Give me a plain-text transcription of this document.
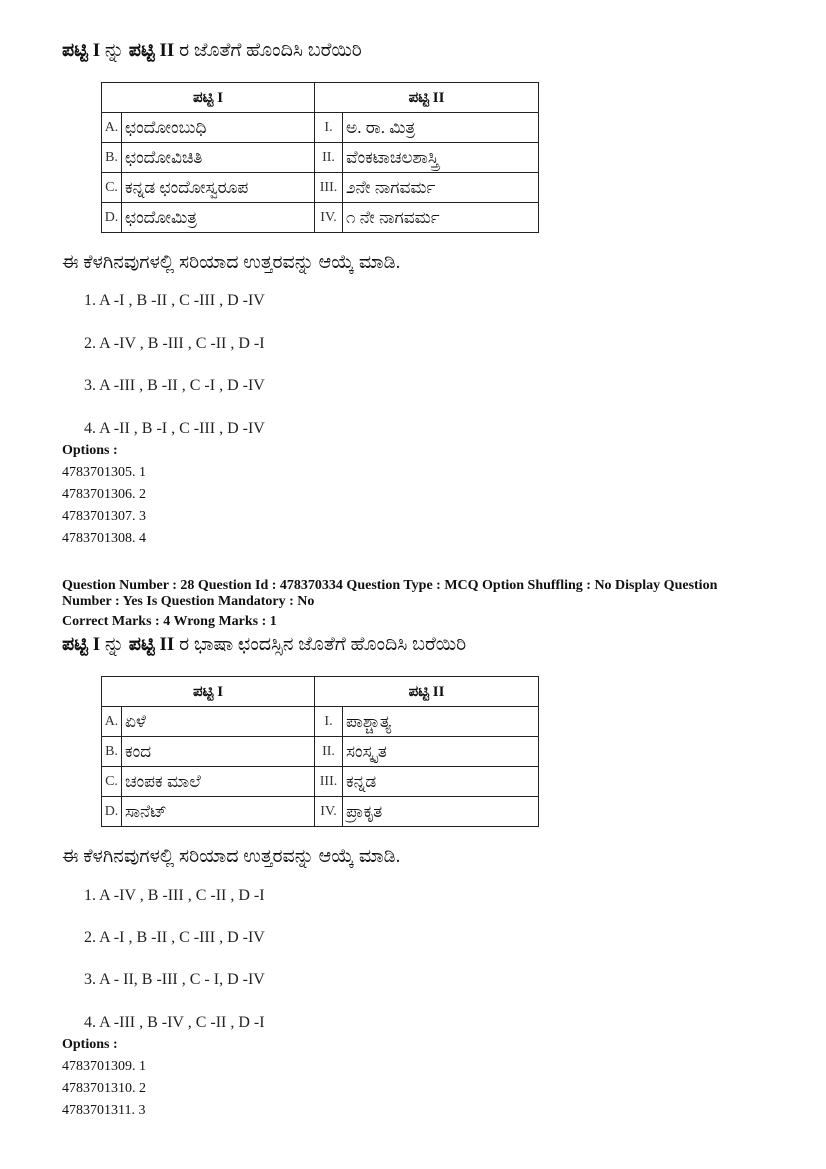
ಪಟ್ಟಿ I ನ್ನು ಪಟ್ಟಿ II ರ ಜೊತೆಗೆ ಹೊಂದಿಸಿ ಬರೆಯಿರಿ
ಪಟ್ಟಿ I		ಪಟ್ಟಿ II	
A.	ಛಂದೋಂಬುಧಿ	I.	ಅ. ರಾ. ಮಿತ್ರ
B.	ಛಂದೋವಿಚಿತಿ	II.	ವೆಂಕಟಾಚಲಶಾಸ್ತ್ರಿ
C.	ಕನ್ನಡ ಛಂದೋಸ್ವರೂಪ	III.	೨ನೇ ನಾಗವರ್ಮ
D.	ಛಂದೋಮಿತ್ರ	IV.	೧ ನೇ ನಾಗವರ್ಮ
ಈ ಕೆಳಗಿನವುಗಳಲ್ಲಿ ಸರಿಯಾದ ಉತ್ತರವನ್ನು ಆಯ್ಕೆ ಮಾಡಿ.
1. A -I , B -II , C -III , D -IV
2. A -IV , B -III , C -II , D -I
3. A -III , B -II , C -I , D -IV
4. A -II , B -I , C -III , D -IV
Options :
4783701305. 1
4783701306. 2
4783701307. 3
4783701308. 4
Question Number : 28 Question Id : 478370334 Question Type : MCQ Option Shuffling : No Display Question
Number : Yes Is Question Mandatory : No
Correct Marks : 4 Wrong Marks : 1
ಪಟ್ಟಿ I ನ್ನು ಪಟ್ಟಿ II ರ ಭಾಷಾ ಛಂದಸ್ಸಿನ ಜೊತೆಗೆ ಹೊಂದಿಸಿ ಬರೆಯಿರಿ
ಪಟ್ಟಿ I		ಪಟ್ಟಿ II	
A.	ಏಳೆ	I.	ಪಾಶ್ಚಾತ್ಯ
B.	ಕಂದ	II.	ಸಂಸ್ಕೃತ
C.	ಚಂಪಕ ಮಾಲೆ	III.	ಕನ್ನಡ
D.	ಸಾನೆಟ್	IV.	ಪ್ರಾಕೃತ
ಈ ಕೆಳಗಿನವುಗಳಲ್ಲಿ ಸರಿಯಾದ ಉತ್ತರವನ್ನು ಆಯ್ಕೆ ಮಾಡಿ.
1. A -IV , B -III , C -II , D -I
2. A -I , B -II , C -III , D -IV
3. A - II, B -III , C - I, D -IV
4. A -III , B -IV , C -II , D -I
Options :
4783701309. 1
4783701310. 2
4783701311. 3
